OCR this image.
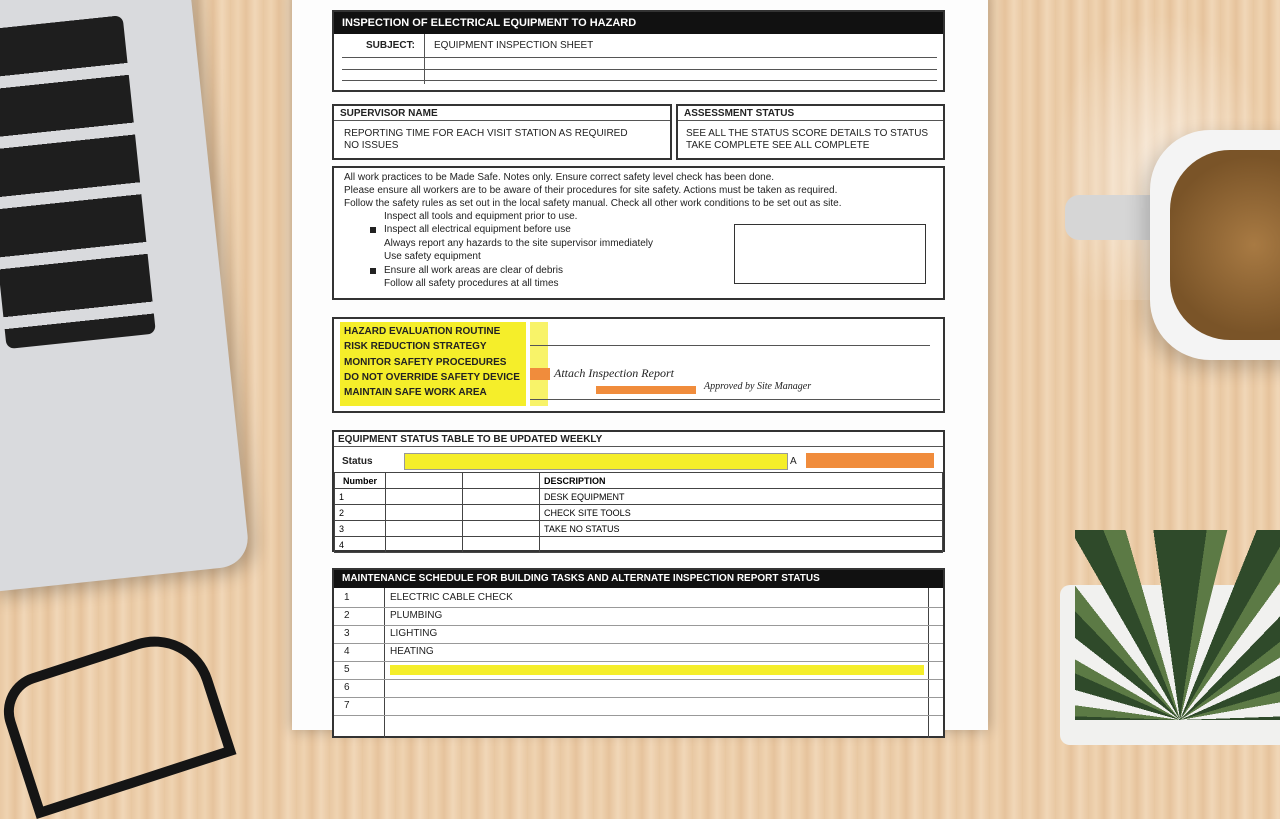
INSPECTION OF ELECTRICAL EQUIPMENT TO HAZARD
SUBJECT: EQUIPMENT INSPECTION SHEET
SUPERVISOR NAME
REPORTING TIME FOR EACH VISIT STATION AS REQUIRED
NO ISSUES
ASSESSMENT STATUS
SEE ALL THE STATUS SCORE DETAILS TO STATUS
TAKE COMPLETE SEE ALL COMPLETE
All work practices to be Made Safe. Notes only. Ensure correct safety level check has been done.
Please ensure all workers are to be aware of their procedures for site safety. Actions must be taken as required.
Follow the safety rules as set out in the local safety manual. Check all other work conditions to be set out as site.
Inspect all tools and equipment prior to use.
Inspect all electrical equipment before use
Always report any hazards to the site supervisor immediately
Use safety equipment
Ensure all work areas are clear of debris
Follow all safety procedures at all times
HAZARD EVALUATION ROUTINE
RISK REDUCTION STRATEGY
MONITOR SAFETY PROCEDURES
DO NOT OVERRIDE SAFETY DEVICE
MAINTAIN SAFE WORK AREA
Attach Inspection Report
Approved by Site Manager
EQUIPMENT STATUS TABLE TO BE UPDATED WEEKLY
Status	A
Number			DESCRIPTION
1			DESK EQUIPMENT
2			CHECK SITE TOOLS
3			TAKE NO STATUS
4			
MAINTENANCE SCHEDULE FOR BUILDING TASKS AND ALTERNATE INSPECTION REPORT STATUS
1	ELECTRIC CABLE CHECK
2	PLUMBING
3	LIGHTING
4	HEATING
5
6
7
